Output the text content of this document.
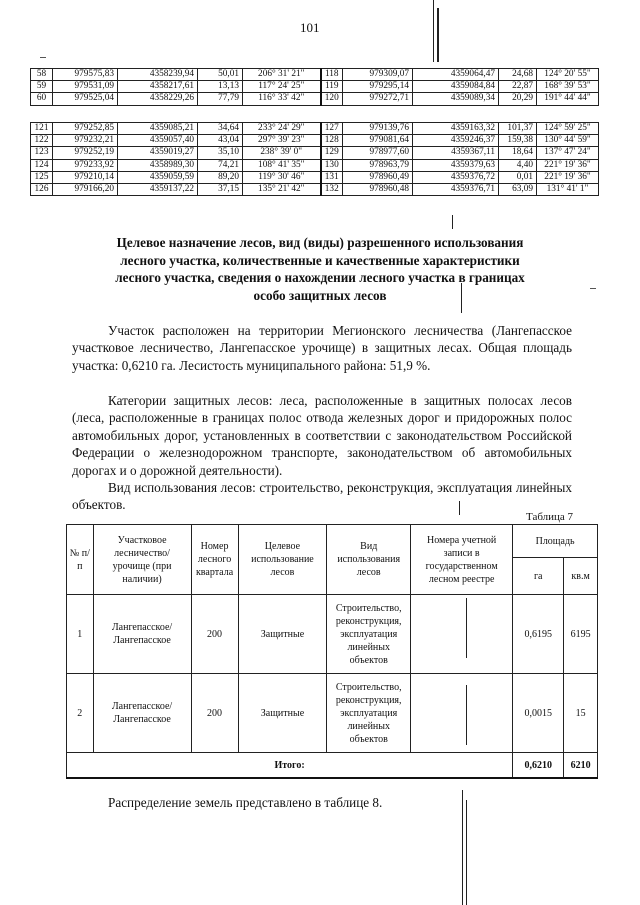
101
58	979575,83	4358239,94	50,01	206° 31' 21"	118	979309,07	4359064,47	24,68	124° 20' 55"
59	979531,09	4358217,61	13,13	117° 24' 25"	119	979295,14	4359084,84	22,87	168° 39' 53"
60	979525,04	4358229,26	77,79	116° 33' 42"	120	979272,71	4359089,34	20,29	191° 44' 44"
121	979252,85	4359085,21	34,64	233° 24' 29"	127	979139,76	4359163,32	101,37	124° 59' 25"
122	979232,21	4359057,40	43,04	297° 39' 23"	128	979081,64	4359246,37	159,38	130° 44' 59"
123	979252,19	4359019,27	35,10	238° 39' 0"	129	978977,60	4359367,11	18,64	137° 47' 24"
124	979233,92	4358989,30	74,21	108° 41' 35"	130	978963,79	4359379,63	4,40	221° 19' 36"
125	979210,14	4359059,59	89,20	119° 30' 46"	131	978960,49	4359376,72	0,01	221° 19' 36"
126	979166,20	4359137,22	37,15	135° 21' 42"	132	978960,48	4359376,71	63,09	131° 41' 1"
Целевое назначение лесов, вид (виды) разрешенного использования
лесного участка, количественные и качественные характеристики
лесного участка, сведения о нахождении лесного участка в границах
особо защитных лесов
Участок расположен на территории Мегионского лесничества (Лангепасское участковое лесничество, Лангепасское урочище) в защитных лесах. Общая площадь участка: 0,6210 га. Лесистость муниципального района: 51,9 %.
Категории защитных лесов: леса, расположенные в защитных полосах лесов (леса, расположенные в границах полос отвода железных дорог и придорожных полос автомобильных дорог, установленных в соответствии с законодательством Российской Федерации о железнодорожном транспорте, законодательством об автомобильных дорогах и о дорожной деятельности).
Вид использования лесов: строительство, реконструкция, эксплуатация линейных объектов.
Таблица 7
№ п/п	Участковое лесничество/ урочище (при наличии)	Номер лесного квартала	Целевое использование лесов	Вид использования лесов	Номера учетной записи в государственном лесном реестре	Площадь	
						га	кв.м
1	Лангепасское/ Лангепасское	200	Защитные	Строительство, реконструкция, эксплуатация линейных объектов		0,6195	6195
2	Лангепасское/ Лангепасское	200	Защитные	Строительство, реконструкция, эксплуатация линейных объектов		0,0015	15
Итого:						0,6210	6210
Распределение земель представлено в таблице 8.
